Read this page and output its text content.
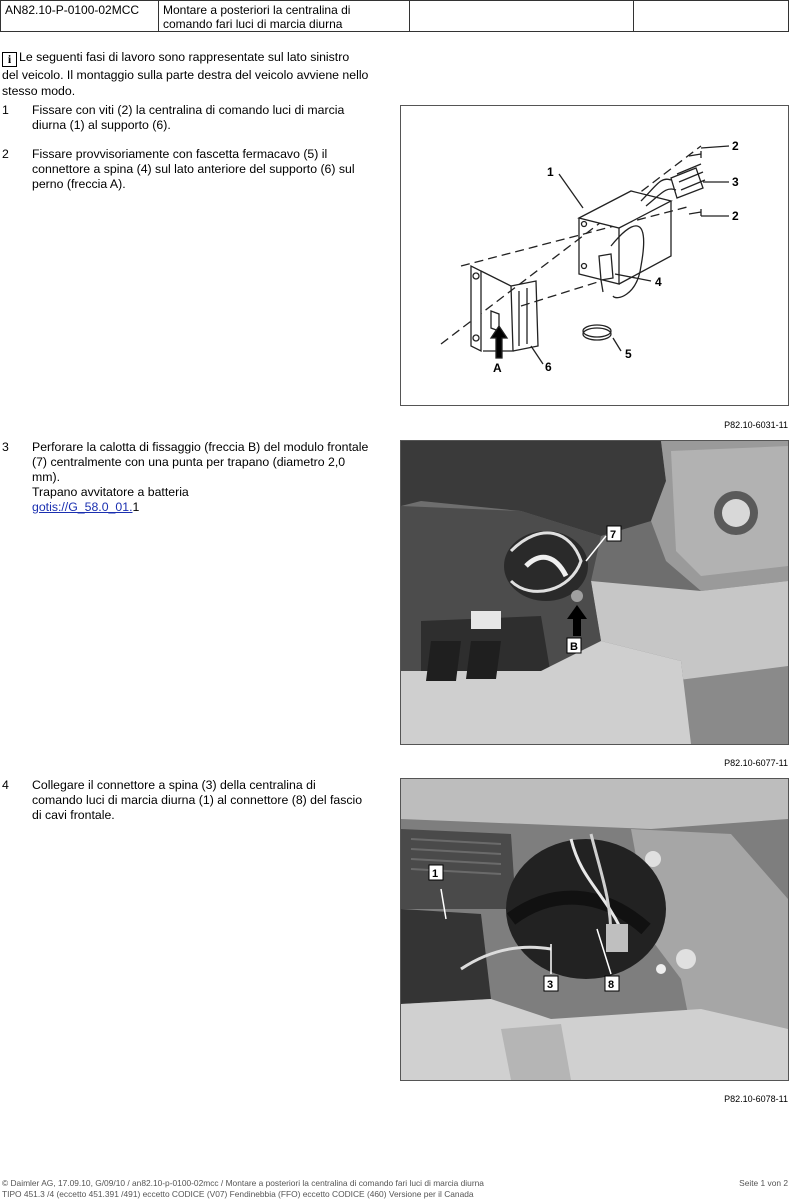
AN82.10-P-0100-02MCC	Montare a posteriori la centralina di
comando fari luci di marcia diurna
i Le seguenti fasi di lavoro sono rappresentate sul lato sinistro
del veicolo. Il montaggio sulla parte destra del veicolo avviene nello
stesso modo.
1 Fissare con viti (2) la centralina di comando luci di marcia
diurna (1) al supporto (6).
2 Fissare provvisoriamente con fascetta fermacavo (5) il
connettore a spina (4) sul lato anteriore del supporto (6) sul
perno (freccia A).
1
2
3
2
4
5
6
A
P82.10-6031-11
3 Perforare la calotta di fissaggio (freccia B) del modulo frontale
(7) centralmente con una punta per trapano (diametro 2,0
mm).
Trapano avvitatore a batteria
gotis://G_58.0_01.1
7
B
P82.10-6077-11
4 Collegare il connettore a spina (3) della centralina di
comando luci di marcia diurna (1) al connettore (8) del fascio
di cavi frontale.
1
3	8
P82.10-6078-11
© Daimler AG, 17.09.10, G/09/10 / an82.10-p-0100-02mcc / Montare a posteriori la centralina di comando fari luci di marcia diurna	Seite 1 von 2
TIPO 451.3 /4 (eccetto 451.391 /491) eccetto CODICE (V07) Fendinebbia (FFO) eccetto CODICE (460) Versione per il Canada
